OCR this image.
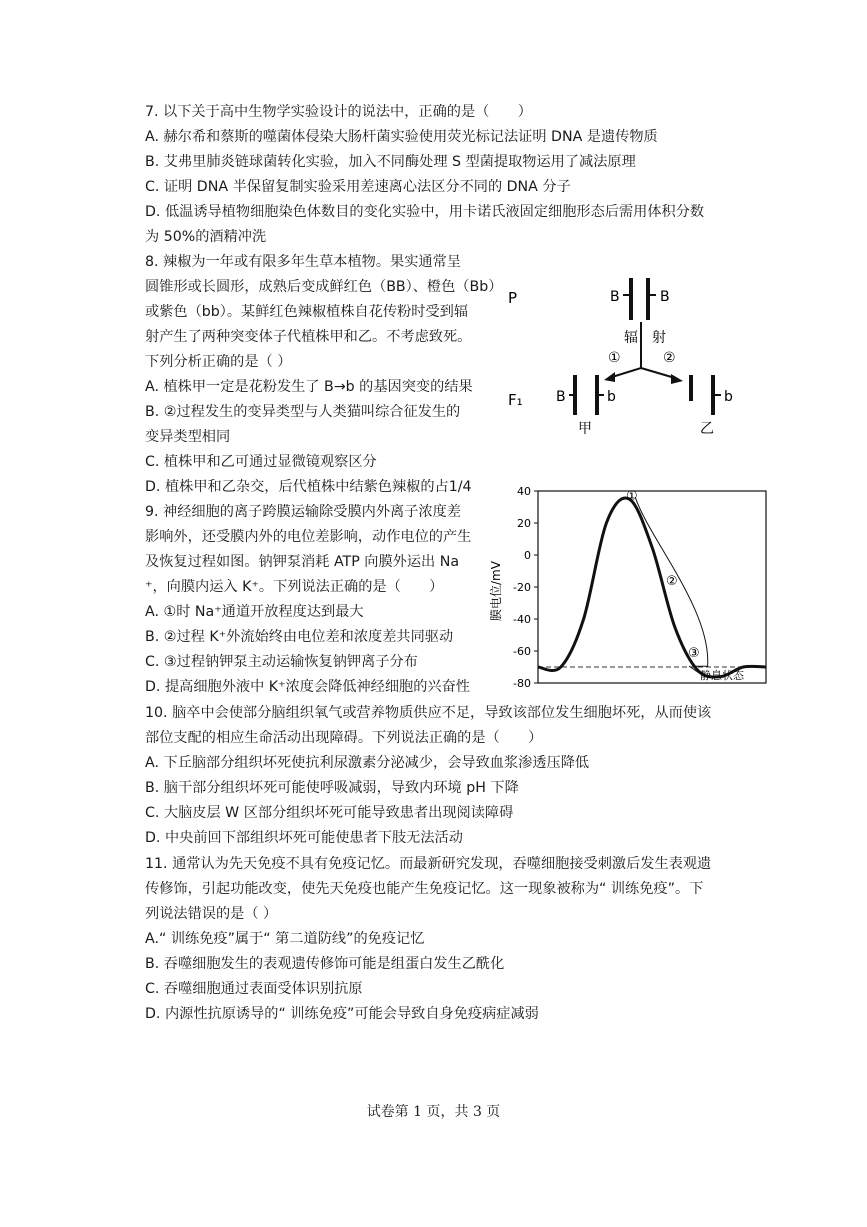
7. 以下关于高中生物学实验设计的说法中，正确的是（　　）
A. 赫尔希和蔡斯的噬菌体侵染大肠杆菌实验使用荧光标记法证明 DNA 是遗传物质
B. 艾弗里肺炎链球菌转化实验，加入不同酶处理 S 型菌提取物运用了减法原理
C. 证明 DNA 半保留复制实验采用差速离心法区分不同的 DNA 分子
D. 低温诱导植物细胞染色体数目的变化实验中，用卡诺氏液固定细胞形态后需用体积分数
为 50%的酒精冲洗
8. 辣椒为一年或有限多年生草本植物。果实通常呈
圆锥形或长圆形，成熟后变成鲜红色（BB）、橙色（Bb）
或紫色（bb）。某鲜红色辣椒植株自花传粉时受到辐
射产生了两种突变体子代植株甲和乙。不考虑致死。
下列分析正确的是（ ）
A. 植株甲一定是花粉发生了 B→b 的基因突变的结果
B. ②过程发生的变异类型与人类猫叫综合征发生的
变异类型相同
C. 植株甲和乙可通过显微镜观察区分
D. 植株甲和乙杂交，后代植株中结紫色辣椒的占1/4
P
F₁
B	B
辐 射
①	②
B	b
甲
b
乙
9. 神经细胞的离子跨膜运输除受膜内外离子浓度差
影响外，还受膜内外的电位差影响，动作电位的产生
及恢复过程如图。钠钾泵消耗 ATP 向膜外运出 Na
⁺，向膜内运入 K⁺。下列说法正确的是（　　）
A. ①时 Na⁺通道开放程度达到最大
B. ②过程 K⁺外流始终由电位差和浓度差共同驱动
C. ③过程钠钾泵主动运输恢复钠钾离子分布
D. 提高细胞外液中 K⁺浓度会降低神经细胞的兴奋性
膜电位/mV
40
20
0
-20
-40
-60
-80
①
②
③
静息状态
10. 脑卒中会使部分脑组织氧气或营养物质供应不足，导致该部位发生细胞坏死，从而使该
部位支配的相应生命活动出现障碍。下列说法正确的是（　　）
A. 下丘脑部分组织坏死使抗利尿激素分泌减少，会导致血浆渗透压降低
B. 脑干部分组织坏死可能使呼吸减弱，导致内环境 pH 下降
C. 大脑皮层 W 区部分组织坏死可能导致患者出现阅读障碍
D. 中央前回下部组织坏死可能使患者下肢无法活动
11. 通常认为先天免疫不具有免疫记忆。而最新研究发现，吞噬细胞接受刺激后发生表观遗
传修饰，引起功能改变，使先天免疫也能产生免疫记忆。这一现象被称为“ 训练免疫”。下
列说法错误的是（ ）
A.“ 训练免疫”属于“ 第二道防线”的免疫记忆
B. 吞噬细胞发生的表观遗传修饰可能是组蛋白发生乙酰化
C. 吞噬细胞通过表面受体识别抗原
D. 内源性抗原诱导的“ 训练免疫”可能会导致自身免疫病症减弱
试卷第 1 页，共 3 页
